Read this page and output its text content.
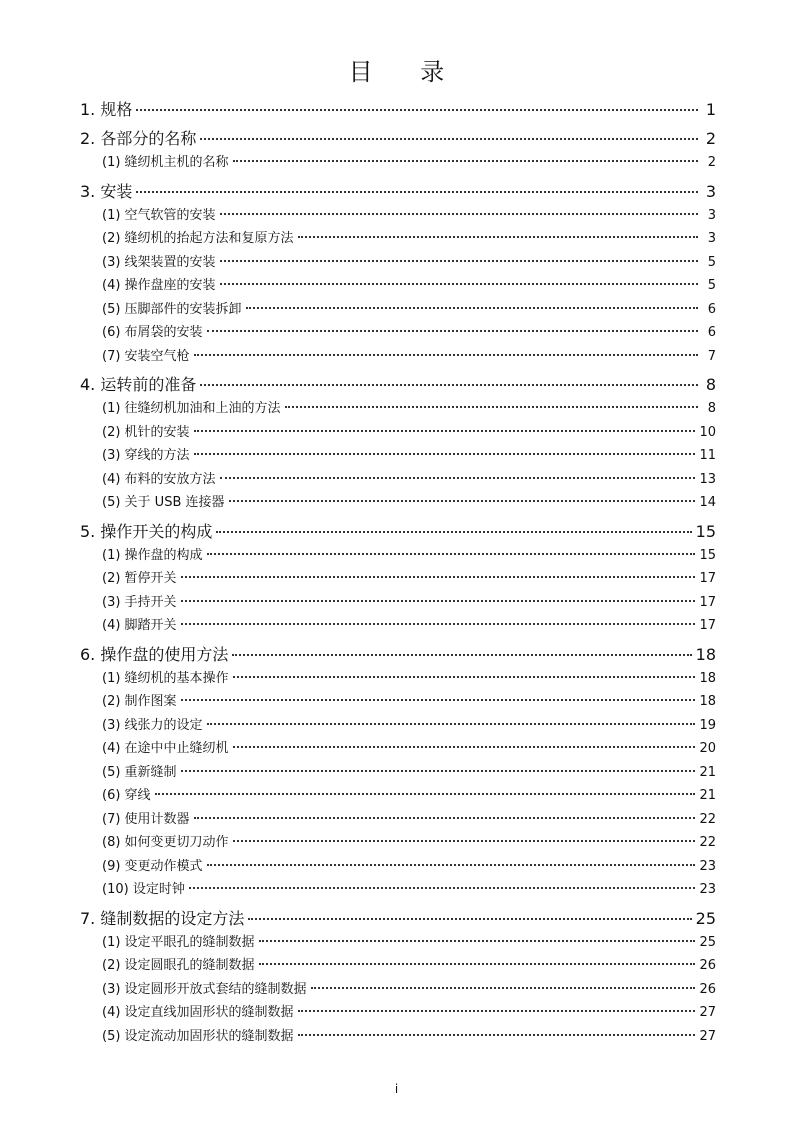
目 录
1. 规格	1
2. 各部分的名称	2
(1) 缝纫机主机的名称	2
3. 安装	3
(1) 空气软管的安装	3
(2) 缝纫机的抬起方法和复原方法	3
(3) 线架装置的安装	5
(4) 操作盘座的安装	5
(5) 压脚部件的安装拆卸	6
(6) 布屑袋的安装	6
(7) 安装空气枪	7
4. 运转前的准备	8
(1) 往缝纫机加油和上油的方法	8
(2) 机针的安装	10
(3) 穿线的方法	11
(4) 布料的安放方法	13
(5) 关于 USB 连接器	14
5. 操作开关的构成	15
(1) 操作盘的构成	15
(2) 暂停开关	17
(3) 手持开关	17
(4) 脚踏开关	17
6. 操作盘的使用方法	18
(1) 缝纫机的基本操作	18
(2) 制作图案	18
(3) 线张力的设定	19
(4) 在途中中止缝纫机	20
(5) 重新缝制	21
(6) 穿线	21
(7) 使用计数器	22
(8) 如何变更切刀动作	22
(9) 变更动作模式	23
(10) 设定时钟	23
7. 缝制数据的设定方法	25
(1) 设定平眼孔的缝制数据	25
(2) 设定圆眼孔的缝制数据	26
(3) 设定圆形开放式套结的缝制数据	26
(4) 设定直线加固形状的缝制数据	27
(5) 设定流动加固形状的缝制数据	27
i
